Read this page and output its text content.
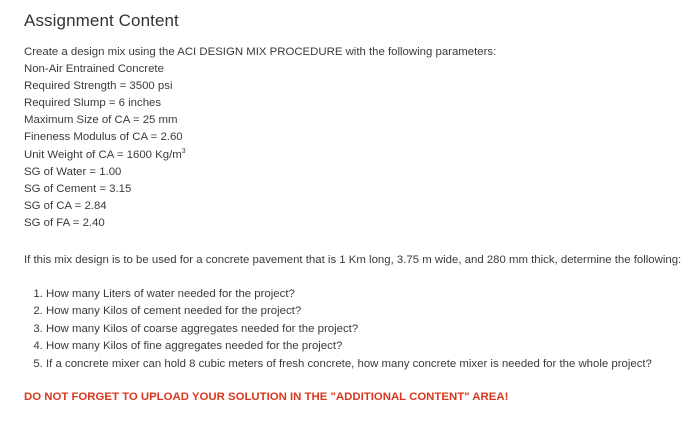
Assignment Content
Create a design mix using the ACI DESIGN MIX PROCEDURE with the following parameters:
Non-Air Entrained Concrete
Required Strength = 3500 psi
Required Slump = 6 inches
Maximum Size of CA = 25 mm
Fineness Modulus of CA = 2.60
Unit Weight of CA = 1600 $Kg/m^3$
SG of Water = 1.00
SG of Cement = 3.15
SG of CA = 2.84
SG of FA = 2.40
If this mix design is to be used for a concrete pavement that is 1 Km long, 3.75 m wide, and 280 mm thick, determine the following:
1. How many Liters of water needed for the project?
2. How many Kilos of cement needed for the project?
3. How many Kilos of coarse aggregates needed for the project?
4. How many Kilos of fine aggregates needed for the project?
5. If a concrete mixer can hold 8 cubic meters of fresh concrete, how many concrete mixer is needed for the whole project?
DO NOT FORGET TO UPLOAD YOUR SOLUTION IN THE "ADDITIONAL CONTENT" AREA!
